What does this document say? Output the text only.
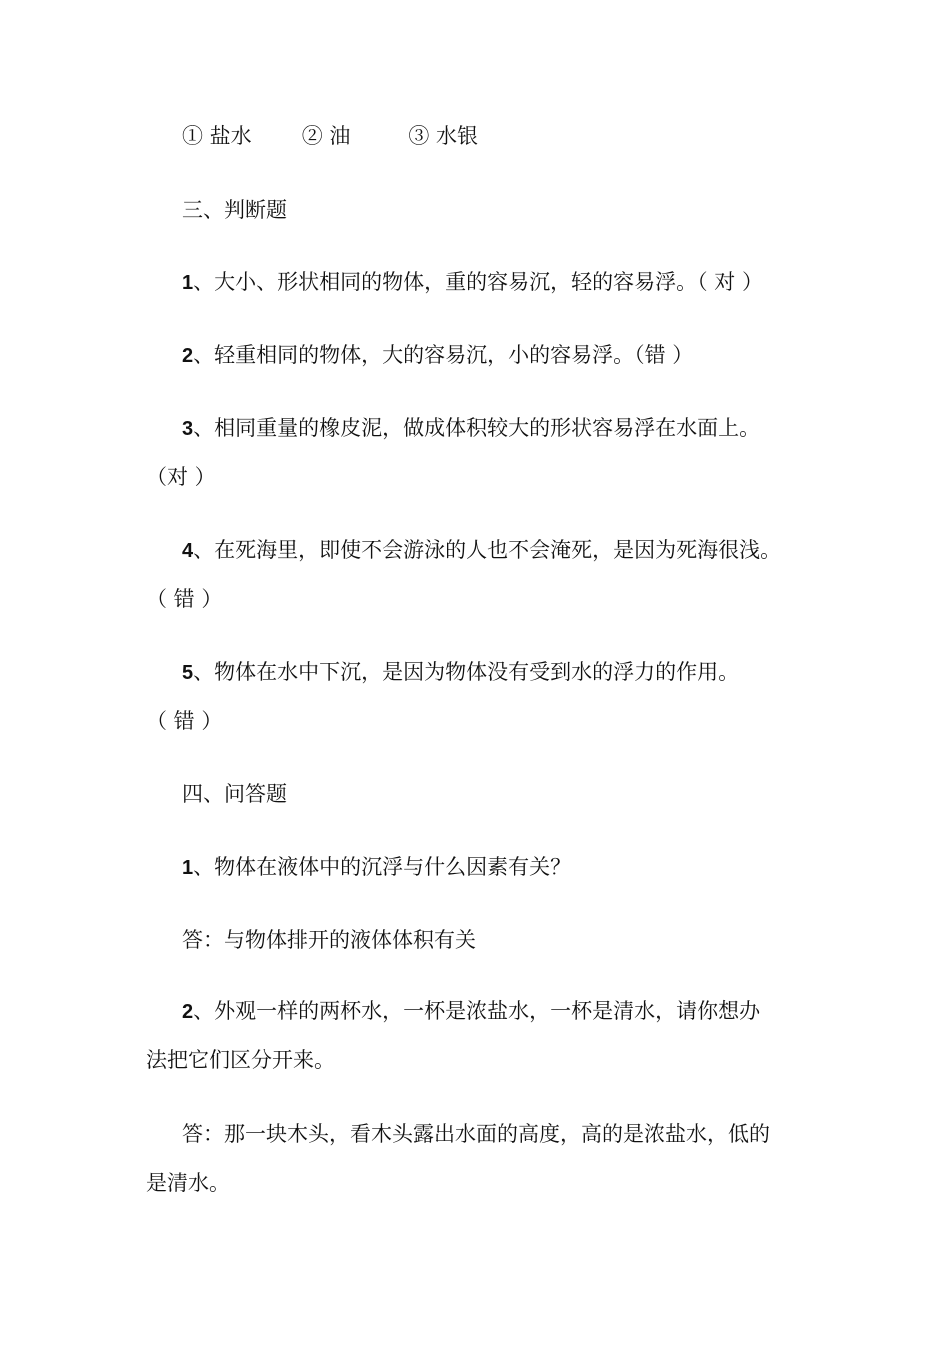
① 盐水 ② 油	③ 水银
三、判断题
1、大小、形状相同的物体，重的容易沉，轻的容易浮。（ 对 ）
2、轻重相同的物体，大的容易沉，小的容易浮。（错 ）
3、相同重量的橡皮泥，做成体积较大的形状容易浮在水面上。
（对 ）
4、在死海里，即使不会游泳的人也不会淹死，是因为死海很浅。
（ 错 ）
5、物体在水中下沉，是因为物体没有受到水的浮力的作用。
（ 错 ）
四、问答题
1、物体在液体中的沉浮与什么因素有关？
答：与物体排开的液体体积有关
2、外观一样的两杯水，一杯是浓盐水，一杯是清水，请你想办
法把它们区分开来。
答：那一块木头，看木头露出水面的高度，高的是浓盐水，低的
是清水。
